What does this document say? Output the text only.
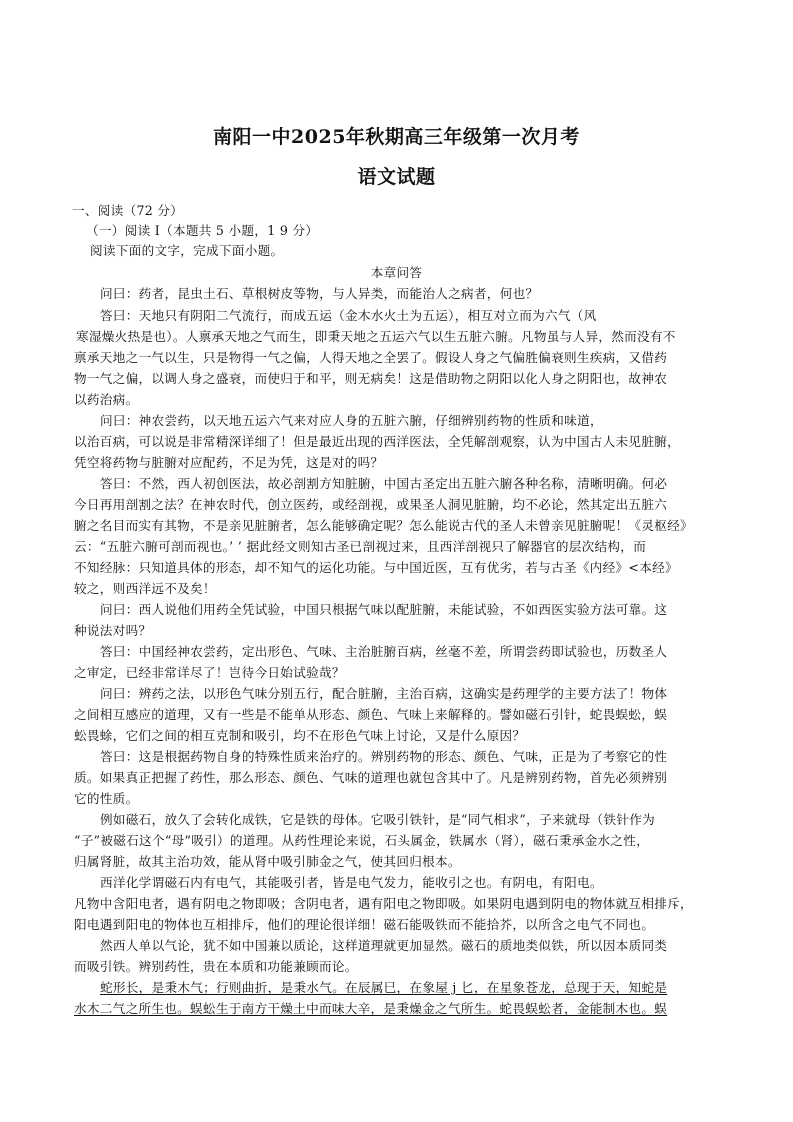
南阳一中2025年秋期高三年级第一次月考
语文试题
一、阅读（72 分）
（一）阅读 I（本题共 5 小题，1 9 分）
阅读下面的文字，完成下面小题。
本章问答
问曰：药者，昆虫土石、草根树皮等物，与人异类，而能治人之病者，何也？
答曰：天地只有阴阳二气流行，而成五运（金木水火土为五运），相互对立而为六气（风
寒湿燥火热是也）。人禀承天地之气而生，即秉天地之五运六气以生五脏六腑。凡物虽与人异，然而没有不
禀承天地之一气以生，只是物得一气之偏，人得天地之全罢了。假设人身之气偏胜偏衰则生疾病，又借药
物一气之偏，以调人身之盛衰，而使归于和平，则无病矣！这是借助物之阴阳以化人身之阴阳也，故神农
以药治病。
问曰：神农尝药，以天地五运六气来对应人身的五脏六腑，仔细辨别药物的性质和味道，
以治百病，可以说是非常精深详细了！但是最近出现的西洋医法，全凭解剖观察，认为中国古人未见脏腑，
凭空将药物与脏腑对应配药，不足为凭，这是对的吗？
答曰：不然，西人初创医法，故必剖割方知脏腑，中国古圣定出五脏六腑各种名称，清晰明确。何必
今日再用剖割之法？在神农时代，创立医药，或经剖视，或果圣人洞见脏腑，均不必论，然其定出五脏六
腑之名目而实有其物，不是亲见脏腑者，怎么能够确定呢？怎么能说古代的圣人未曾亲见脏腑呢！《灵枢经》
云：“五脏六腑可剖而视也。’ ’ 据此经文则知古圣已剖视过来，且西洋剖视只了解器官的层次结构，而
不知经脉：只知道具体的形态，却不知气的运化功能。与中国近医，互有优劣，若与古圣《内经》<本经》
较之，则西洋远不及矣！
问曰：西人说他们用药全凭试验，中国只根据气味以配脏腑，未能试验，不如西医实验方法可靠。这
种说法对吗？
答曰：中国经神农尝药，定出形色、气味、主治脏腑百病，丝毫不差，所谓尝药即试验也，历数圣人
之审定，已经非常详尽了！岂待今日始试验哉？
问曰：辨药之法，以形色气味分别五行，配合脏腑，主治百病，这确实是药理学的主要方法了！物体
之间相互感应的道理，又有一些是不能单从形态、颜色、气味上来解释的。譬如磁石引针，蛇畏蜈蚣，蜈
蚣畏蜍，它们之间的相互克制和吸引，均不在形色气味上讨论，又是什么原因？
答曰：这是根据药物自身的特殊性质来治疗的。辨别药物的形态、颜色、气味，正是为了考察它的性
质。如果真正把握了药性，那么形态、颜色、气味的道理也就包含其中了。凡是辨别药物，首先必须辨别
它的性质。
例如磁石，放久了会转化成铁，它是铁的母体。它吸引铁针，是“同气相求”，子来就母（铁针作为
“子”被磁石这个“母”吸引）的道理。从药性理论来说，石头属金，铁属水（肾），磁石秉承金水之性，
归属肾脏，故其主治功效，能从肾中吸引肺金之气，使其回归根本。
西洋化学谓磁石内有电气，其能吸引者，皆是电气发力，能收引之也。有阴电，有阳电。
凡物中含阳电者，遇有阴电之物即吸；含阴电者，遇有阳电之物即吸。如果阴电遇到阴电的物体就互相排斥，
阳电遇到阳电的物体也互相排斥，他们的理论很详细！磁石能吸铁而不能拾芥，以所含之电气不同也。
然西人单以气论，犹不如中国兼以质论，这样道理就更加显然。磁石的质地类似铁，所以因本质同类
而吸引铁。辨别药性，贵在本质和功能兼顾而论。
蛇形长，是秉木气；行则曲折，是秉水气。在辰属巳，在象屋 j 匕，在星象苍龙，总现于天，知蛇是
水木二气之所生也。蜈蚣生于南方干燥土中而味大辛，是秉燥金之气所生。蛇畏蜈蚣者，金能制木也。蜈
